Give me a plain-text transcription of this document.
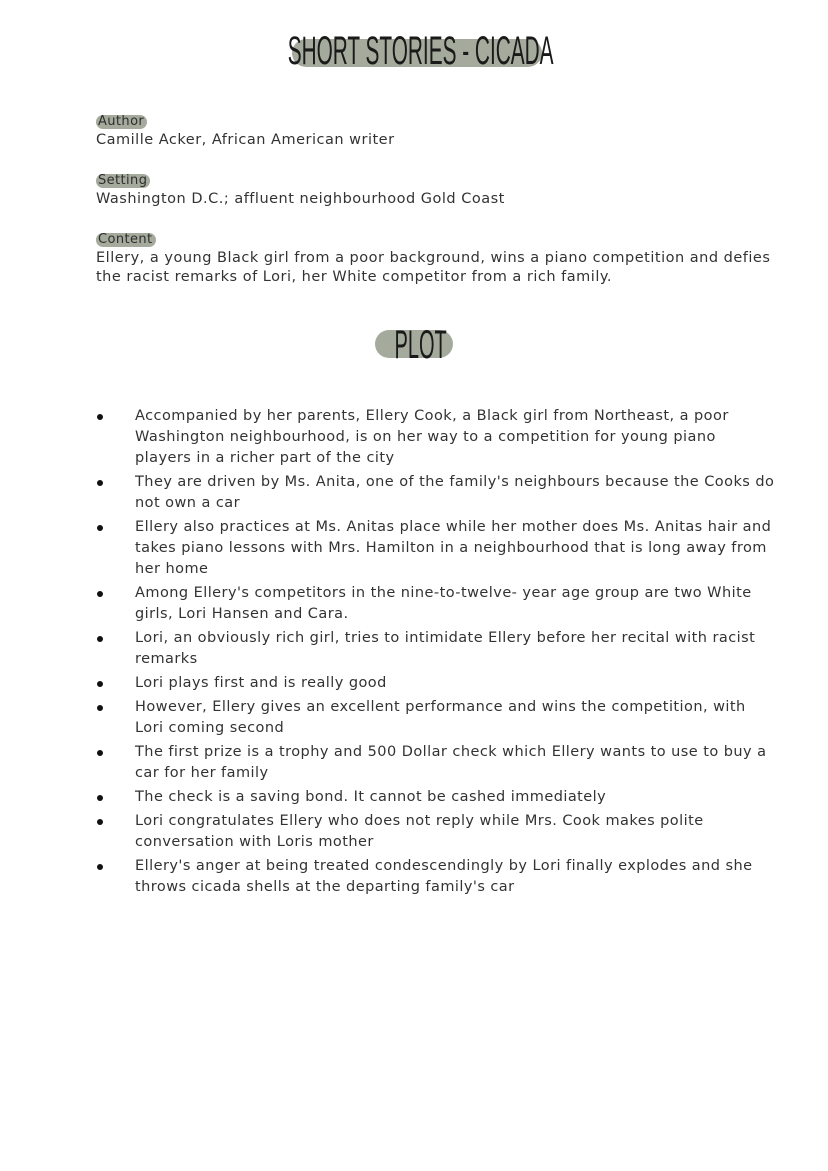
SHORT STORIES - CICADA
Author
Camille Acker, African American writer
Setting
Washington D.C.; affluent neighbourhood Gold Coast
Content
Ellery, a young Black girl from a poor background, wins a piano competition and defies the racist remarks of Lori, her White competitor from a rich family.
PLOT
Accompanied by her parents, Ellery Cook, a Black girl from Northeast, a poor Washington neighbourhood, is on her way to a competition for young piano players in a richer part of the city
They are driven by Ms. Anita, one of the family's neighbours because the Cooks do not own a car
Ellery also practices at Ms. Anitas place while her mother does Ms. Anitas hair and takes piano lessons with Mrs. Hamilton in a neighbourhood that is long away from her home
Among Ellery's competitors in the nine-to-twelve- year age group are two White girls, Lori Hansen and Cara.
Lori, an obviously rich girl, tries to intimidate Ellery before her recital with racist remarks
Lori plays first and is really good
However, Ellery gives an excellent performance and wins the competition, with Lori coming second
The first prize is a trophy and 500 Dollar check which Ellery wants to use to buy a car for her family
The check is a saving bond. It cannot be cashed immediately
Lori congratulates Ellery who does not reply while Mrs. Cook makes polite conversation with Loris mother
Ellery's anger at being treated condescendingly by Lori finally explodes and she throws cicada shells at the departing family's car
